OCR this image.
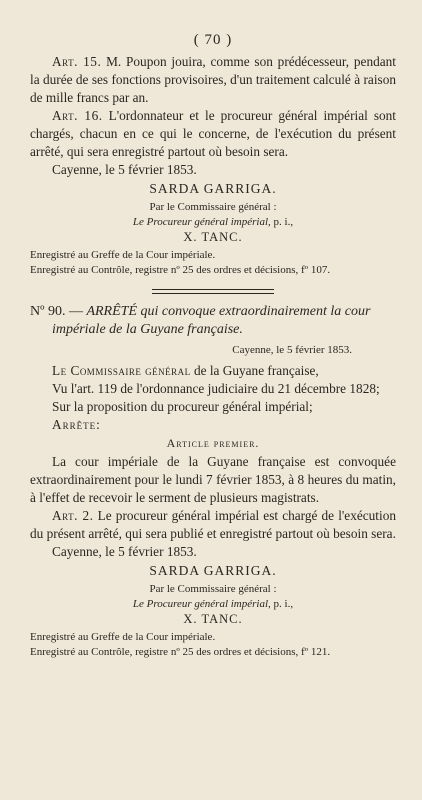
( 70 )

Art. 15. M. Poupon jouira, comme son prédécesseur, pendant la durée de ses fonctions provisoires, d'un traitement calculé à raison de mille francs par an.

Art. 16. L'ordonnateur et le procureur général impérial sont chargés, chacun en ce qui le concerne, de l'exécution du présent arrêté, qui sera enregistré partout où besoin sera.

Cayenne, le 5 février 1853.

SARDA GARRIGA.

Par le Commissaire général :

Le Procureur général impérial, p. i.,

X. TANC.

Enregistré au Greffe de la Cour impériale.

Enregistré au Contrôle, registre nº 25 des ordres et décisions, fº 107.

Nº 90. — ARRÊTÉ qui convoque extraordinairement la cour impériale de la Guyane française.

Cayenne, le 5 février 1853.

Le Commissaire général de la Guyane française,

Vu l'art. 119 de l'ordonnance judiciaire du 21 décembre 1828;

Sur la proposition du procureur général impérial;

Arrête:

Article premier.

La cour impériale de la Guyane française est convoquée extraordinairement pour le lundi 7 février 1853, à 8 heures du matin, à l'effet de recevoir le serment de plusieurs magistrats.

Art. 2. Le procureur général impérial est chargé de l'exécution du présent arrêté, qui sera publié et enregistré partout où besoin sera.

Cayenne, le 5 février 1853.

SARDA GARRIGA.

Par le Commissaire général :

Le Procureur général impérial, p. i.,

X. TANC.

Enregistré au Greffe de la Cour impériale.

Enregistré au Contrôle, registre nº 25 des ordres et décisions, fº 121.
